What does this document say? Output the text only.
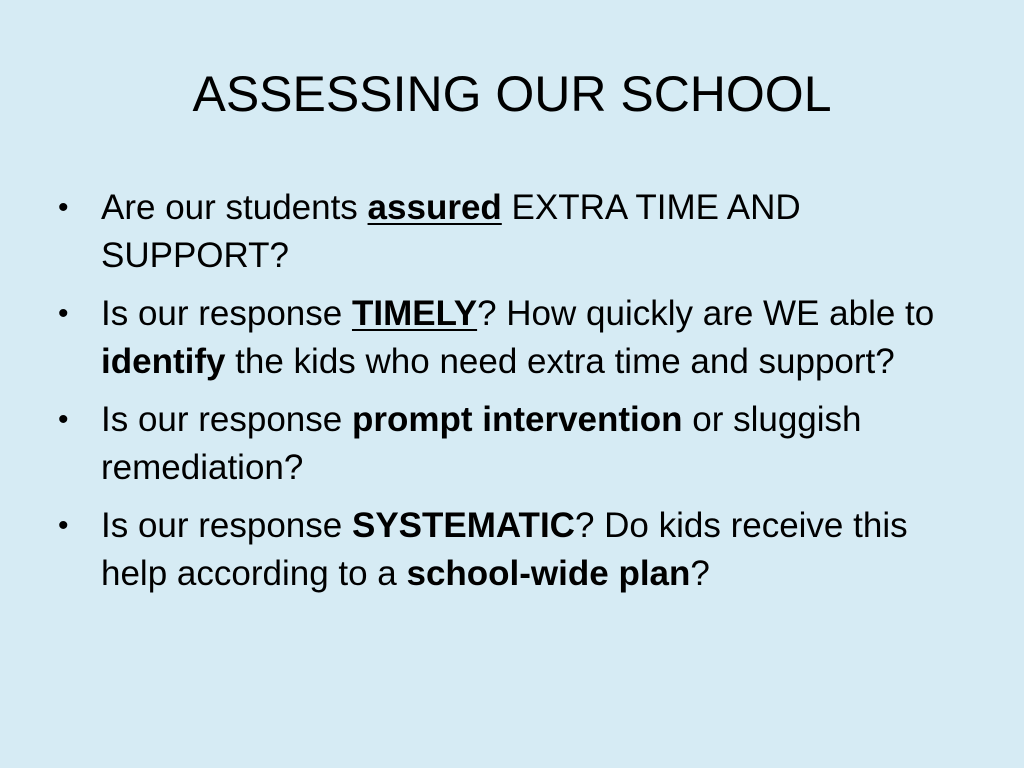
ASSESSING OUR SCHOOL
• Are our students assured EXTRA TIME AND SUPPORT?
• Is our response TIMELY? How quickly are WE able to identify the kids who need extra time and support?
• Is our response prompt intervention or sluggish remediation?
• Is our response SYSTEMATIC? Do kids receive this help according to a school-wide plan?
